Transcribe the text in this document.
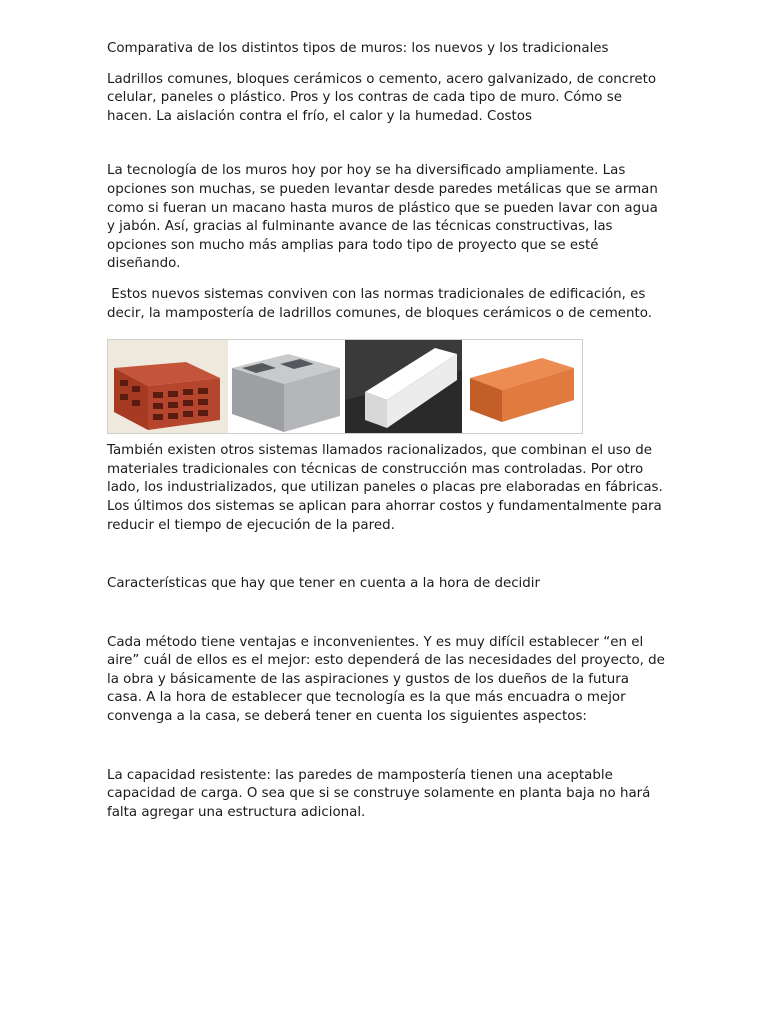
Comparativa de los distintos tipos de muros: los nuevos y los tradicionales

Ladrillos comunes, bloques cerámicos o cemento, acero galvanizado, de concreto celular, paneles o plástico. Pros y los contras de cada tipo de muro. Cómo se hacen. La aislación contra el frío, el calor y la humedad. Costos

La tecnología de los muros hoy por hoy se ha diversificado ampliamente. Las opciones son muchas, se pueden levantar desde paredes metálicas que se arman como si fueran un macano hasta muros de plástico que se pueden lavar con agua y jabón. Así, gracias al fulminante avance de las técnicas constructivas, las opciones son mucho más amplias para todo tipo de proyecto que se esté diseñando.

Estos nuevos sistemas conviven con las normas tradicionales de edificación, es decir, la mampostería de ladrillos comunes, de bloques cerámicos o de cemento.

También existen otros sistemas llamados racionalizados, que combinan el uso de materiales tradicionales con técnicas de construcción mas controladas. Por otro lado, los industrializados, que utilizan paneles o placas pre elaboradas en fábricas.  Los últimos dos sistemas se aplican para ahorrar costos y fundamentalmente para reducir el tiempo de ejecución de la pared.

Características que hay que tener en cuenta a la hora de decidir

Cada método tiene ventajas e inconvenientes. Y es muy difícil establecer “en el aire” cuál de ellos es el mejor: esto dependerá de las necesidades del proyecto, de la obra y básicamente de las aspiraciones y gustos de los dueños de la futura casa. A la hora de establecer que tecnología es la que más encuadra o mejor convenga a la casa, se deberá tener en cuenta los siguientes aspectos:

La capacidad resistente: las paredes de mampostería tienen una aceptable capacidad de carga. O sea que si se construye solamente en planta baja no hará falta agregar una estructura adicional.
